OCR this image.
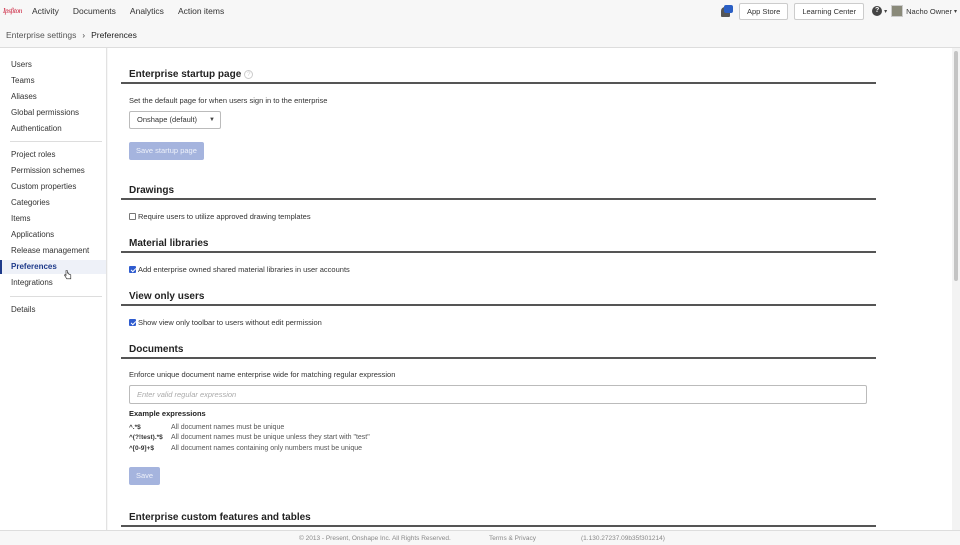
Ipsfiton Activity Documents Analytics Action items	App Store	Learning Center	? ▾	Nacho Owner ▾
Enterprise settings › Preferences
Users
Teams
Aliases
Global permissions
Authentication
Project roles
Permission schemes
Custom properties
Categories
Items
Applications
Release management
Preferences
Integrations
Details
Enterprise startup page ?
Set the default page for when users sign in to the enterprise
Onshape (default) ▼
Save startup page
Drawings
Require users to utilize approved drawing templates
Material libraries
Add enterprise owned shared material libraries in user accounts
View only users
Show view only toolbar to users without edit permission
Documents
Enforce unique document name enterprise wide for matching regular expression
Enter valid regular expression
Example expressions
^.*$	All document names must be unique
^(?!test).*$	All document names must be unique unless they start with "test"
^[0-9]+$	All document names containing only numbers must be unique
Save
Enterprise custom features and tables
© 2013 - Present, Onshape Inc. All Rights Reserved.	Terms & Privacy	(1.130.27237.09b35f301214)
